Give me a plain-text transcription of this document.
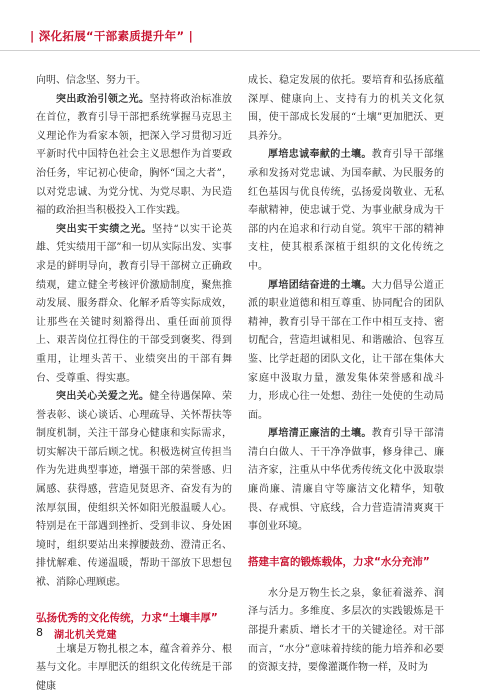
| 深化拓展“干部素质提升年” |

向明、信念坚、努力干。

突出政治引领之光。坚持将政治标准放在首位，教育引导干部把系统掌握马克思主义理论作为看家本领，把深入学习贯彻习近平新时代中国特色社会主义思想作为首要政治任务，牢记初心使命，胸怀“国之大者”，以对党忠诚、为党分忧、为党尽职、为民造福的政治担当积极投入工作实践。

突出实干实绩之光。坚持“以实干论英雄、凭实绩用干部”和一切从实际出发、实事求是的鲜明导向，教育引导干部树立正确政绩观，建立健全考核评价激励制度，聚焦推动发展、服务群众、化解矛盾等实际成效，让那些在关键时刻豁得出、重任面前顶得上、艰苦岗位扛得住的干部受到褒奖、得到重用，让埋头苦干、业绩突出的干部有舞台、受尊重、得实惠。

突出关心关爱之光。健全待遇保障、荣誉表彰、谈心谈话、心理疏导、关怀帮扶等制度机制，关注干部身心健康和实际需求，切实解决干部后顾之忧。积极选树宣传担当作为先进典型事迹，增强干部的荣誉感、归属感、获得感，营造见贤思齐、奋发有为的浓厚氛围，使组织关怀如阳光般温暖人心。特别是在干部遇到挫折、受到非议、身处困境时，组织要站出来撑腰鼓劲、澄清正名、排忧解难、传递温暖，帮助干部放下思想包袱、消除心理顾虑。

弘扬优秀的文化传统，力求“土壤丰厚”

土壤是万物扎根之本，蕴含着养分、根基与文化。丰厚肥沃的组织文化传统是干部健康

成长、稳定发展的依托。要培育和弘扬底蕴深厚、健康向上、支持有力的机关文化氛围，使干部成长发展的“土壤”更加肥沃、更具养分。

厚培忠诚奉献的土壤。教育引导干部继承和发扬对党忠诚、为国奉献、为民服务的红色基因与优良传统，弘扬爱岗敬业、无私奉献精神，使忠诚于党、为事业献身成为干部的内在追求和行动自觉。筑牢干部的精神支柱，使其根系深植于组织的文化传统之中。

厚培团结奋进的土壤。大力倡导公道正派的职业道德和相互尊重、协同配合的团队精神，教育引导干部在工作中相互支持、密切配合，营造坦诚相见、和谐融洽、包容互鉴、比学赶超的团队文化，让干部在集体大家庭中汲取力量，激发集体荣誉感和战斗力，形成心往一处想、劲往一处使的生动局面。

厚培清正廉洁的土壤。教育引导干部清清白白做人、干干净净做事，修身律己、廉洁齐家，注重从中华优秀传统文化中汲取崇廉尚廉、清廉自守等廉洁文化精华，知敬畏、存戒惧、守底线，合力营造清清爽爽干事创业环境。

搭建丰富的锻炼载体，力求“水分充沛”

水分是万物生长之泉，象征着滋养、润泽与活力。多维度、多层次的实践锻炼是干部提升素质、增长才干的关键途径。对干部而言，“水分”意味着持续的能力培养和必要的资源支持，要像灌溉作物一样，及时为

8 湖北机关党建
